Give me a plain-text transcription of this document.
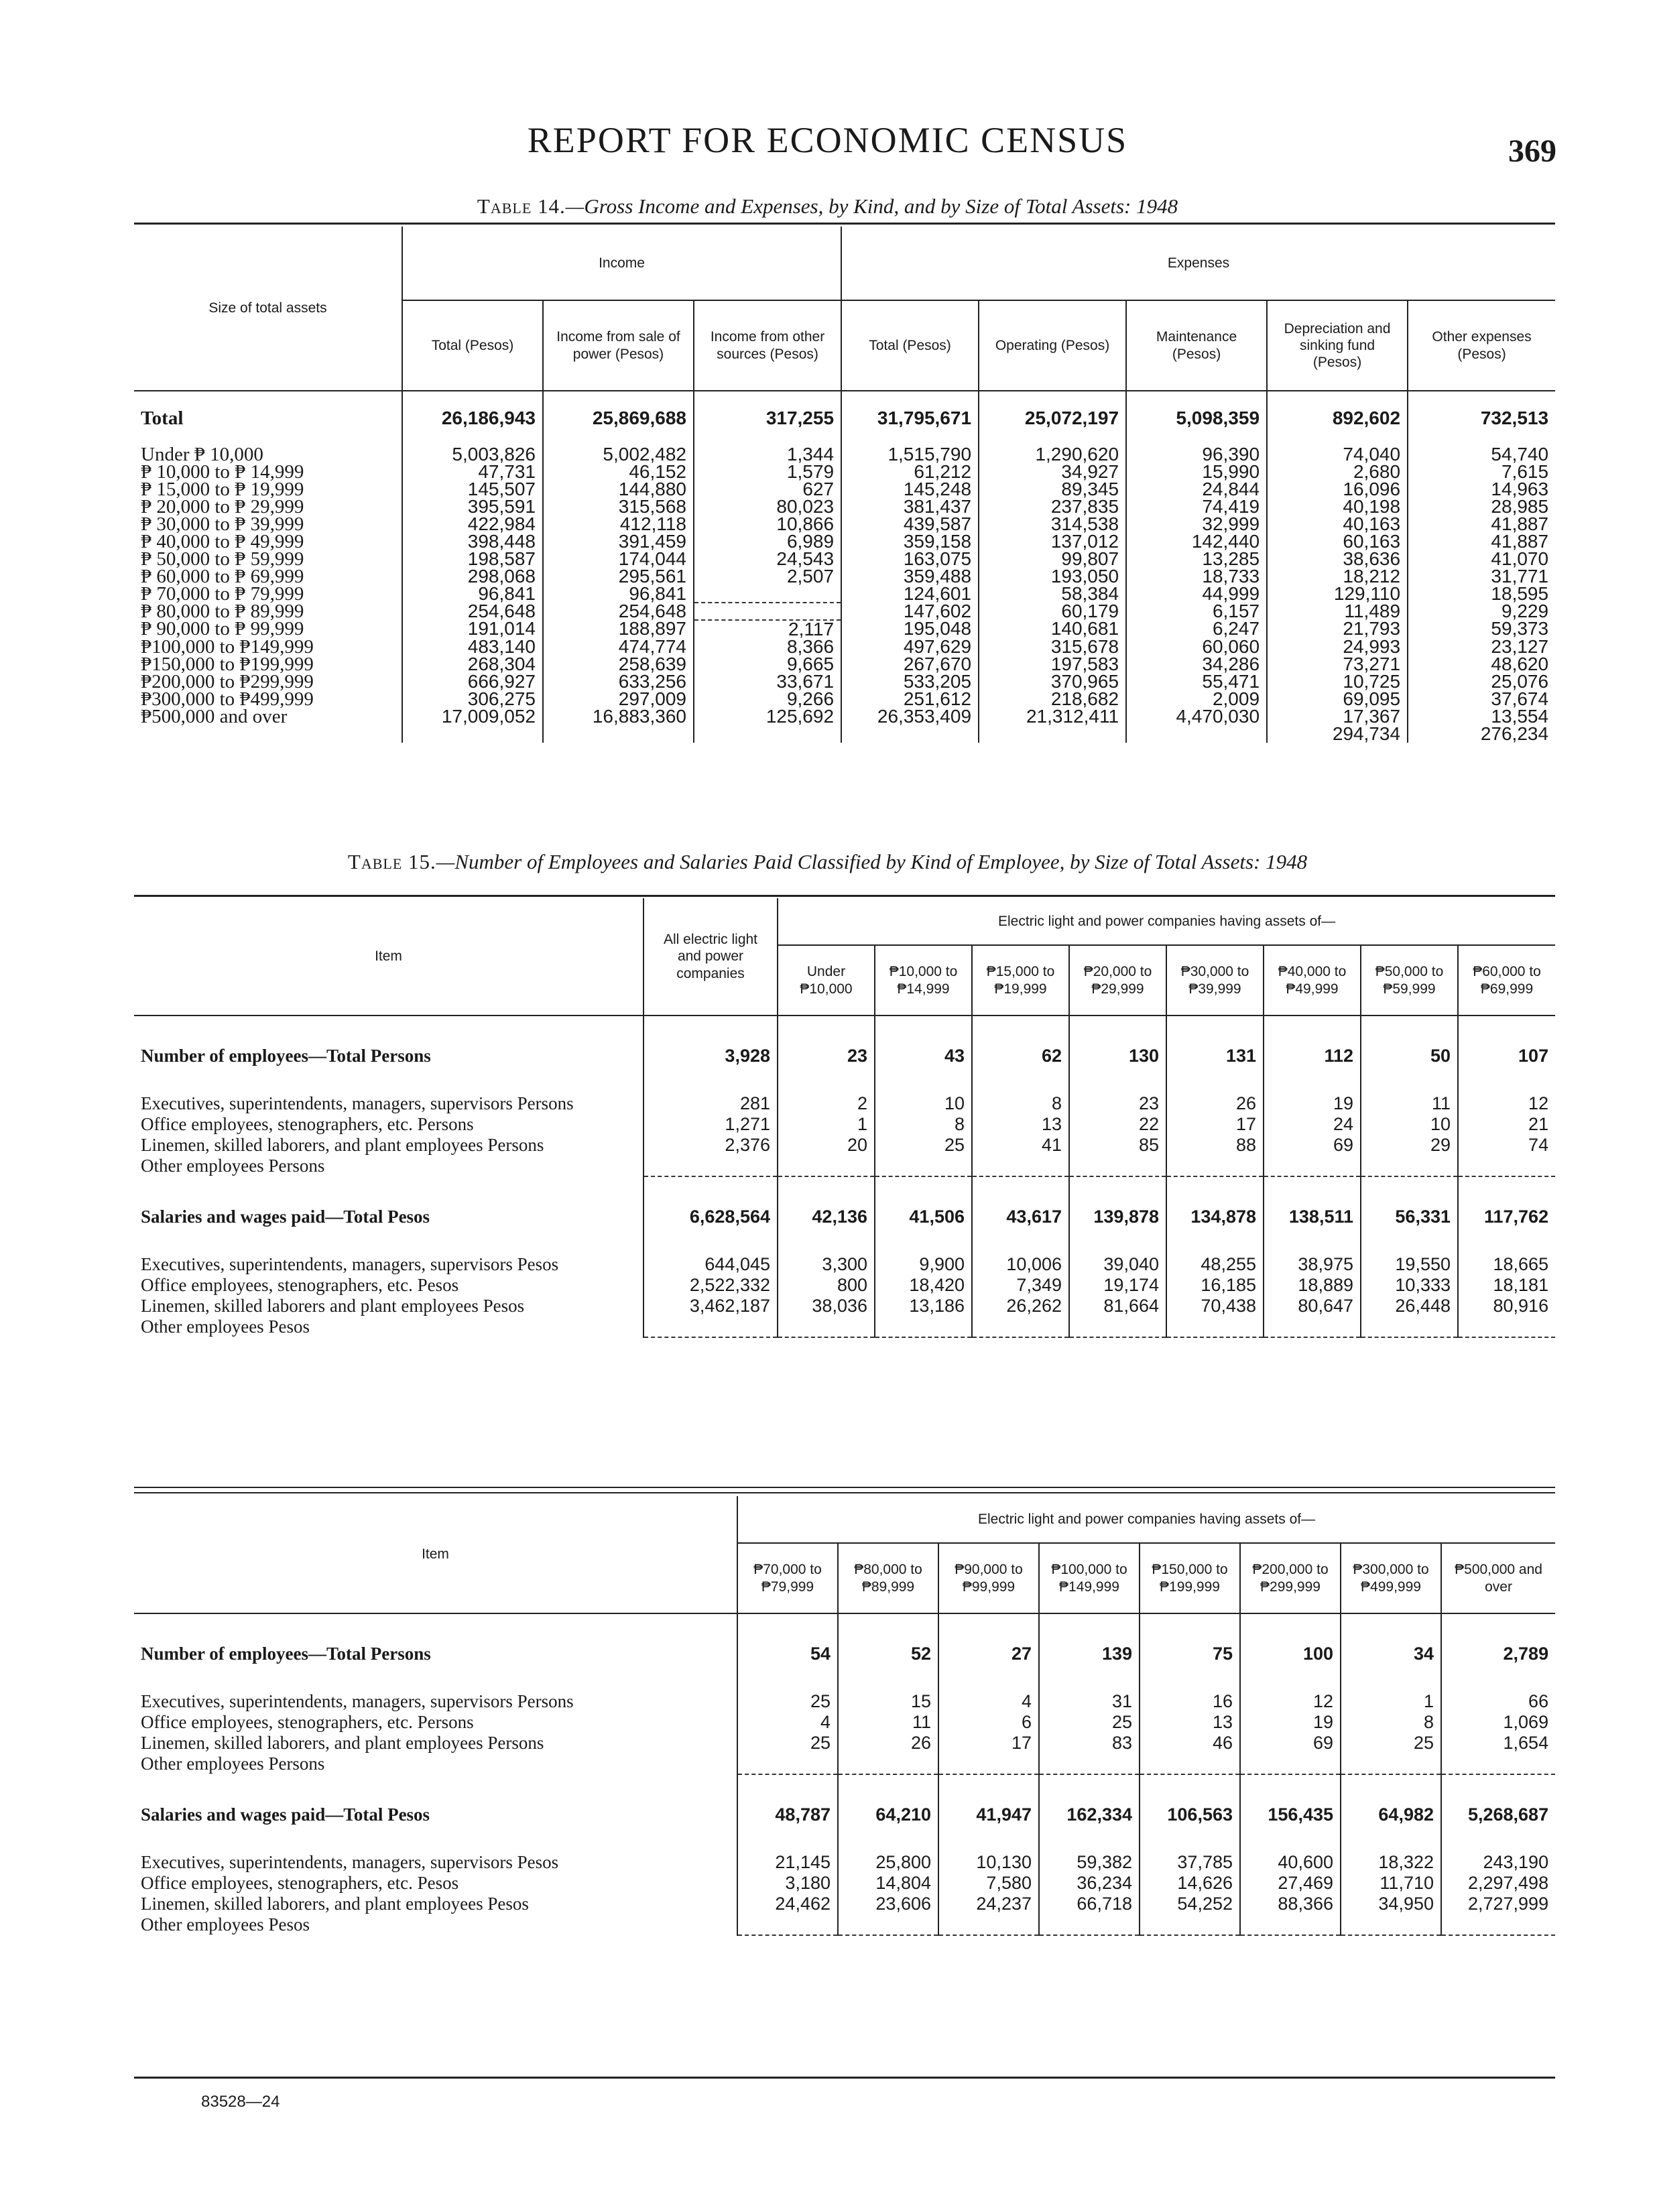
REPORT FOR ECONOMIC CENSUS	369
Table 14.—Gross Income and Expenses, by Kind, and by Size of Total Assets: 1948
Size of total assets	Income			Expenses				
	Total (Pesos)	Income from sale of power (Pesos)	Income from other sources (Pesos)	Total (Pesos)	Operating (Pesos)	Maintenance (Pesos)	Depreciation and sinking fund (Pesos)	Other expenses (Pesos)

Total	26,186,943	25,869,688	317,255	31,795,671	25,072,197	5,098,359	892,602	732,513

Under ₱ 10,000	5,003,826	5,002,482	1,344	1,515,790	1,290,620	96,390	74,040	54,740
₱ 10,000 to ₱ 14,999	47,731	46,152	1,579	61,212	34,927	15,990	2,680	7,615
₱ 15,000 to ₱ 19,999	145,507	144,880	627	145,248	89,345	24,844	16,096	14,963
₱ 20,000 to ₱ 29,999	395,591	315,568	80,023	381,437	237,835	74,419	40,198	28,985
₱ 30,000 to ₱ 39,999	422,984	412,118	10,866	439,587	314,538	32,999	40,163	41,887
₱ 40,000 to ₱ 49,999	398,448	391,459	6,989	359,158	137,012	142,440	60,163	41,887
₱ 50,000 to ₱ 59,999	198,587	174,044	24,543	163,075	99,807	13,285	38,636	41,070
₱ 60,000 to ₱ 69,999	298,068	295,561	2,507	359,488	193,050	18,733	18,212	31,771
₱ 70,000 to ₱ 79,999	96,841	96,841		124,601	58,384	44,999	129,110	18,595
₱ 80,000 to ₱ 89,999	254,648	254,648		147,602	60,179	6,157	11,489	9,229
₱ 90,000 to ₱ 99,999	191,014	188,897	2,117	195,048	140,681	6,247	21,793	59,373
₱100,000 to ₱149,999	483,140	474,774	8,366	497,629	315,678	60,060	24,993	23,127
₱150,000 to ₱199,999	268,304	258,639	9,665	267,670	197,583	34,286	73,271	48,620
₱200,000 to ₱299,999	666,927	633,256	33,671	533,205	370,965	55,471	10,725	25,076
₱300,000 to ₱499,999	306,275	297,009	9,266	251,612	218,682	2,009	69,095	37,674
₱500,000 and over	17,009,052	16,883,360	125,692	26,353,409	21,312,411	4,470,030	17,367	13,554
							294,734	276,234
Table 15.—Number of Employees and Salaries Paid Classified by Kind of Employee, by Size of Total Assets: 1948
Item	All electric light and power companies	Electric light and power companies having assets of—							
		Under ₱10,000	₱10,000 to ₱14,999	₱15,000 to ₱19,999	₱20,000 to ₱29,999	₱30,000 to ₱39,999	₱40,000 to ₱49,999	₱50,000 to ₱59,999	₱60,000 to ₱69,999

Number of employees—Total Persons	3,928	23	43	62	130	131	112	50	107

Executives, superintendents, managers, supervisors Persons	281	2	10	8	23	26	19	11	12
Office employees, stenographers, etc. Persons	1,271	1	8	13	22	17	24	10	21
Linemen, skilled laborers, and plant employees Persons	2,376	20	25	41	85	88	69	29	74
Other employees Persons									

Salaries and wages paid—Total Pesos	6,628,564	42,136	41,506	43,617	139,878	134,878	138,511	56,331	117,762

Executives, superintendents, managers, supervisors Pesos	644,045	3,300	9,900	10,006	39,040	48,255	38,975	19,550	18,665
Office employees, stenographers, etc. Pesos	2,522,332	800	18,420	7,349	19,174	16,185	18,889	10,333	18,181
Linemen, skilled laborers and plant employees Pesos	3,462,187	38,036	13,186	26,262	81,664	70,438	80,647	26,448	80,916
Other employees Pesos									
Item	Electric light and power companies having assets of—							
	₱70,000 to ₱79,999	₱80,000 to ₱89,999	₱90,000 to ₱99,999	₱100,000 to ₱149,999	₱150,000 to ₱199,999	₱200,000 to ₱299,999	₱300,000 to ₱499,999	₱500,000 and over

Number of employees—Total Persons	54	52	27	139	75	100	34	2,789

Executives, superintendents, managers, supervisors Persons	25	15	4	31	16	12	1	66
Office employees, stenographers, etc. Persons	4	11	6	25	13	19	8	1,069
Linemen, skilled laborers, and plant employees Persons	25	26	17	83	46	69	25	1,654
Other employees Persons								

Salaries and wages paid—Total Pesos	48,787	64,210	41,947	162,334	106,563	156,435	64,982	5,268,687

Executives, superintendents, managers, supervisors Pesos	21,145	25,800	10,130	59,382	37,785	40,600	18,322	243,190
Office employees, stenographers, etc. Pesos	3,180	14,804	7,580	36,234	14,626	27,469	11,710	2,297,498
Linemen, skilled laborers, and plant employees Pesos	24,462	23,606	24,237	66,718	54,252	88,366	34,950	2,727,999
Other employees Pesos								
83528—24
